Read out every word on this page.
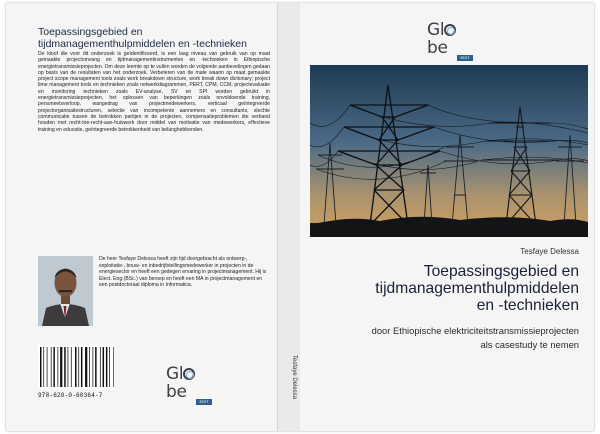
Toepassingsgebied en
tijdmanagementhulpmiddelen en -technieken
De kloof die voor dit onderzoek is geïdentificeerd, is een laag niveau van gebruik van op maat gemaakte projectomvang en tijdmanagementinstrumenten en -technieken in Ethiopische energietransmissieprojecten. Om deze leemte op te vullen worden de volgende aanbevelingen gedaan op basis van de resultaten van het onderzoek. Verbeteren van de mate waarin op maat gemaakte project scope management tools zoals work breakdown structure, work break down dictionary; project time management tools en technieken zoals netwerkdiagrammen, PERT, CPM, CCM, projectevaluatie en monitoring technieken zoals EV-analyse, SV en SPI worden gebruikt in energietransmissieprojecten, het oplossen van beperkingen zoals onvoldoende training, personeelsverloop, wangedrag van projectmedewerkers, verticaal geïntegreerde projectorganisatiestructuren, selectie van incompetente aannemers en consultants, slechte communicatie tussen de betrokken partijen in de projecten, compensatieproblemen die verband houden met recht-toe-recht-aan-huiswerk door middel van motivatie van medewerkers, effectieve training en educatie, geïntegreerde betrokkenheid van belanghebbenden.
De heer Tesfaye Delessa heeft zijn tijd doorgebracht als ontwerp-, exploitatie-, bouw- en inbedrijfstellingsmedewerker in projecten in de energiesector en heeft een gedegen ervaring in projectmanagement. Hij is Elect. Eng.(BSc.) van beroep en heeft een MA in projectmanagement en een postdoctoraal diploma in Informatica.
978-620-0-60364-7
Glbe	EDIT
Tesfaye Delessa
Glbe	EDIT
Tesfaye Delessa
Toepassingsgebied en
tijdmanagementhulpmiddelen
en -technieken
door Ethiopische elektriciteitstransmissieprojecten
als casestudy te nemen
